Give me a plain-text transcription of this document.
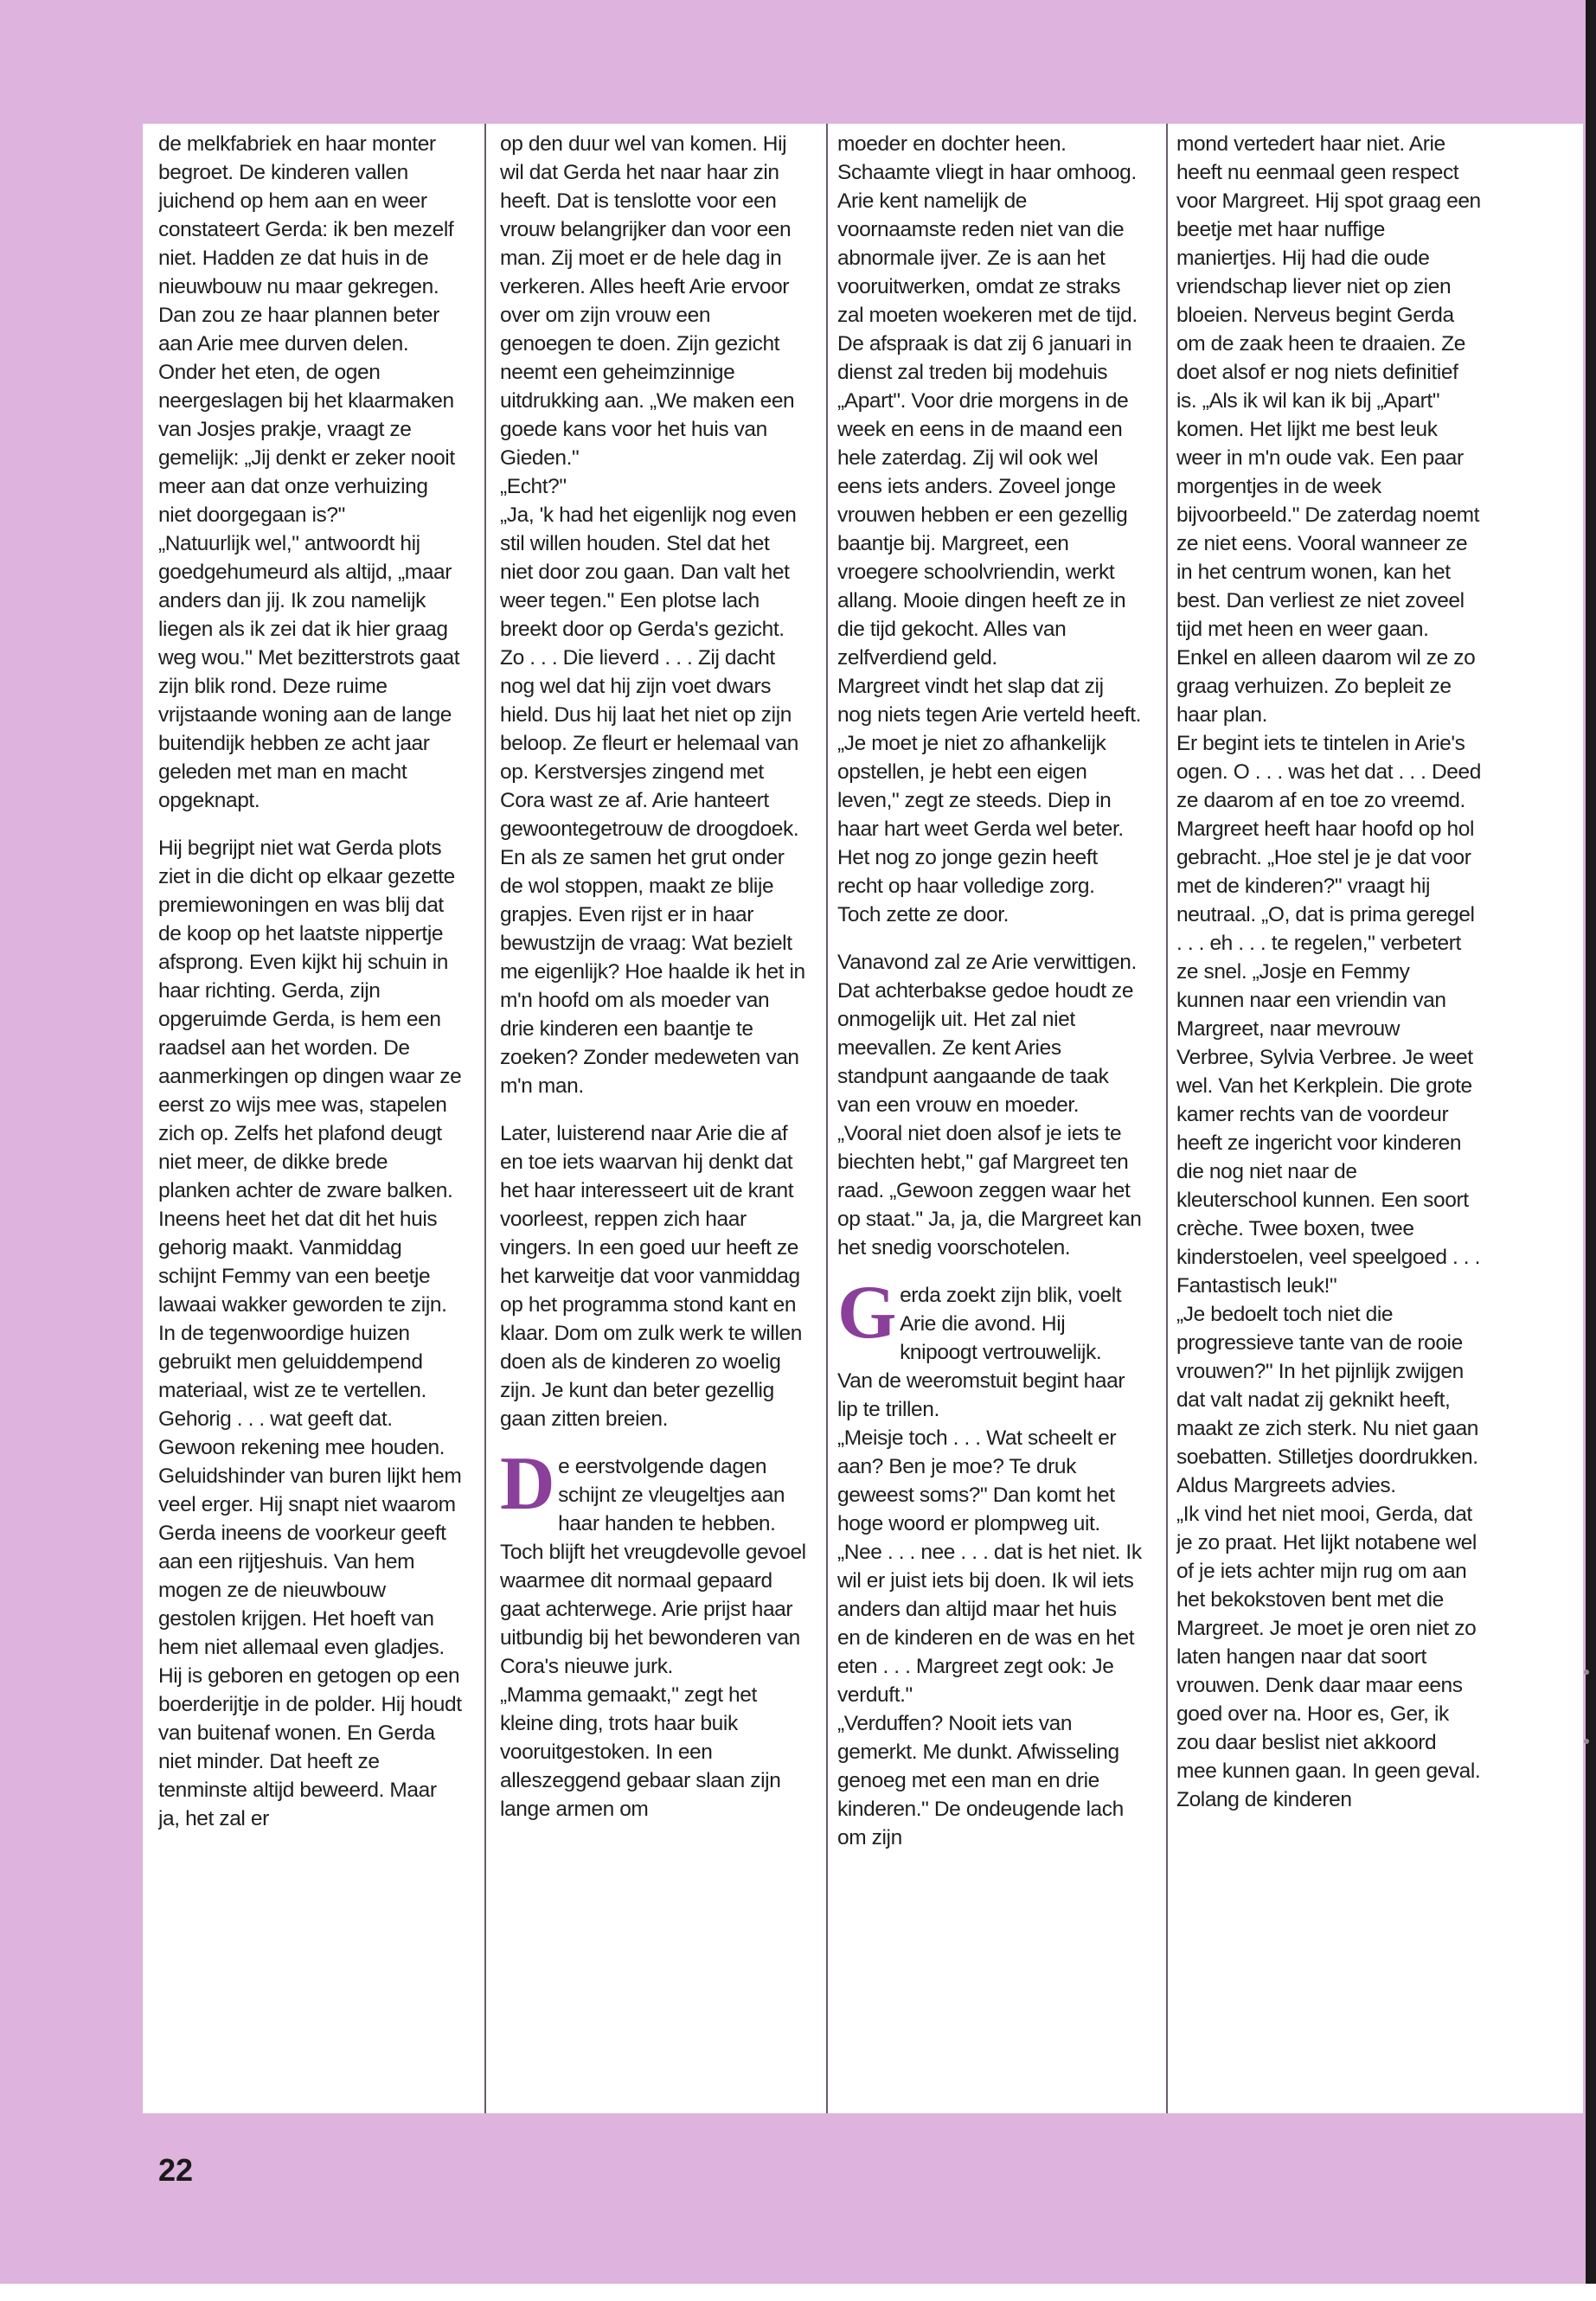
de melkfabriek en haar monter begroet. De kinderen vallen juichend op hem aan en weer constateert Gerda: ik ben mezelf niet. Hadden ze dat huis in de nieuwbouw nu maar gekregen. Dan zou ze haar plannen beter aan Arie mee durven delen.
Onder het eten, de ogen neergeslagen bij het klaarmaken van Josjes prakje, vraagt ze gemelijk: „Jij denkt er zeker nooit meer aan dat onze verhuizing niet doorgegaan is?"
„Natuurlijk wel," antwoordt hij goedgehumeurd als altijd, „maar anders dan jij. Ik zou namelijk liegen als ik zei dat ik hier graag weg wou." Met bezitterstrots gaat zijn blik rond. Deze ruime vrijstaande woning aan de lange buitendijk hebben ze acht jaar geleden met man en macht opgeknapt.

Hij begrijpt niet wat Gerda plots ziet in die dicht op elkaar gezette premiewoningen en was blij dat de koop op het laatste nippertje afsprong. Even kijkt hij schuin in haar richting. Gerda, zijn opgeruimde Gerda, is hem een raadsel aan het worden. De aanmerkingen op dingen waar ze eerst zo wijs mee was, stapelen zich op. Zelfs het plafond deugt niet meer, de dikke brede planken achter de zware balken. Ineens heet het dat dit het huis gehorig maakt. Vanmiddag schijnt Femmy van een beetje lawaai wakker geworden te zijn. In de tegenwoordige huizen gebruikt men geluiddempend materiaal, wist ze te vertellen. Gehorig . . . wat geeft dat. Gewoon rekening mee houden. Geluidshinder van buren lijkt hem veel erger. Hij snapt niet waarom Gerda ineens de voorkeur geeft aan een rijtjeshuis. Van hem mogen ze de nieuwbouw gestolen krijgen. Het hoeft van hem niet allemaal even gladjes. Hij is geboren en getogen op een boerderijtje in de polder. Hij houdt van buitenaf wonen. En Gerda niet minder. Dat heeft ze tenminste altijd beweerd. Maar ja, het zal er

op den duur wel van komen. Hij wil dat Gerda het naar haar zin heeft. Dat is tenslotte voor een vrouw belangrijker dan voor een man. Zij moet er de hele dag in verkeren. Alles heeft Arie ervoor over om zijn vrouw een genoegen te doen. Zijn gezicht neemt een geheimzinnige uitdrukking aan. „We maken een goede kans voor het huis van Gieden."
„Echt?"
„Ja, 'k had het eigenlijk nog even stil willen houden. Stel dat het niet door zou gaan. Dan valt het weer tegen." Een plotse lach breekt door op Gerda's gezicht. Zo . . . Die lieverd . . . Zij dacht nog wel dat hij zijn voet dwars hield. Dus hij laat het niet op zijn beloop. Ze fleurt er helemaal van op. Kerstversjes zingend met Cora wast ze af. Arie hanteert gewoontegetrouw de droogdoek. En als ze samen het grut onder de wol stoppen, maakt ze blije grapjes. Even rijst er in haar bewustzijn de vraag: Wat bezielt me eigenlijk? Hoe haalde ik het in m'n hoofd om als moeder van drie kinderen een baantje te zoeken? Zonder medeweten van m'n man.

Later, luisterend naar Arie die af en toe iets waarvan hij denkt dat het haar interesseert uit de krant voorleest, reppen zich haar vingers. In een goed uur heeft ze het karweitje dat voor vanmiddag op het programma stond kant en klaar. Dom om zulk werk te willen doen als de kinderen zo woelig zijn. Je kunt dan beter gezellig gaan zitten breien.

De eerstvolgende dagen schijnt ze vleugeltjes aan haar handen te hebben. Toch blijft het vreugdevolle gevoel waarmee dit normaal gepaard gaat achterwege. Arie prijst haar uitbundig bij het bewonderen van Cora's nieuwe jurk.
„Mamma gemaakt," zegt het kleine ding, trots haar buik vooruitgestoken. In een alleszeggend gebaar slaan zijn lange armen om

moeder en dochter heen. Schaamte vliegt in haar omhoog. Arie kent namelijk de voornaamste reden niet van die abnormale ijver. Ze is aan het vooruitwerken, omdat ze straks zal moeten woekeren met de tijd. De afspraak is dat zij 6 januari in dienst zal treden bij modehuis „Apart". Voor drie morgens in de week en eens in de maand een hele zaterdag. Zij wil ook wel eens iets anders. Zoveel jonge vrouwen hebben er een gezellig baantje bij. Margreet, een vroegere schoolvriendin, werkt allang. Mooie dingen heeft ze in die tijd gekocht. Alles van zelfverdiend geld.
Margreet vindt het slap dat zij nog niets tegen Arie verteld heeft. „Je moet je niet zo afhankelijk opstellen, je hebt een eigen leven," zegt ze steeds. Diep in haar hart weet Gerda wel beter. Het nog zo jonge gezin heeft recht op haar volledige zorg. Toch zette ze door.

Vanavond zal ze Arie verwittigen. Dat achterbakse gedoe houdt ze onmogelijk uit. Het zal niet meevallen. Ze kent Aries standpunt aangaande de taak van een vrouw en moeder.
„Vooral niet doen alsof je iets te biechten hebt," gaf Margreet ten raad. „Gewoon zeggen waar het op staat." Ja, ja, die Margreet kan het snedig voorschotelen.

Gerda zoekt zijn blik, voelt Arie die avond. Hij knipoogt vertrouwelijk. Van de weeromstuit begint haar lip te trillen.
„Meisje toch . . . Wat scheelt er aan? Ben je moe? Te druk geweest soms?" Dan komt het hoge woord er plompweg uit. „Nee . . . nee . . . dat is het niet. Ik wil er juist iets bij doen. Ik wil iets anders dan altijd maar het huis en de kinderen en de was en het eten . . . Margreet zegt ook: Je verduft."
„Verduffen? Nooit iets van gemerkt. Me dunkt. Afwisseling genoeg met een man en drie kinderen." De ondeugende lach om zijn

mond vertedert haar niet. Arie heeft nu eenmaal geen respect voor Margreet. Hij spot graag een beetje met haar nuffige maniertjes. Hij had die oude vriendschap liever niet op zien bloeien. Nerveus begint Gerda om de zaak heen te draaien. Ze doet alsof er nog niets definitief is. „Als ik wil kan ik bij „Apart" komen. Het lijkt me best leuk weer in m'n oude vak. Een paar morgentjes in de week bijvoorbeeld." De zaterdag noemt ze niet eens. Vooral wanneer ze in het centrum wonen, kan het best. Dan verliest ze niet zoveel tijd met heen en weer gaan. Enkel en alleen daarom wil ze zo graag verhuizen. Zo bepleit ze haar plan.
Er begint iets te tintelen in Arie's ogen. O . . . was het dat . . . Deed ze daarom af en toe zo vreemd. Margreet heeft haar hoofd op hol gebracht. „Hoe stel je je dat voor met de kinderen?" vraagt hij neutraal. „O, dat is prima geregel . . . eh . . . te regelen," verbetert ze snel. „Josje en Femmy kunnen naar een vriendin van Margreet, naar mevrouw Verbree, Sylvia Verbree. Je weet wel. Van het Kerkplein. Die grote kamer rechts van de voordeur heeft ze ingericht voor kinderen die nog niet naar de kleuterschool kunnen. Een soort crèche. Twee boxen, twee kinderstoelen, veel speelgoed . . . Fantastisch leuk!"
„Je bedoelt toch niet die progressieve tante van de rooie vrouwen?" In het pijnlijk zwijgen dat valt nadat zij geknikt heeft, maakt ze zich sterk. Nu niet gaan soebatten. Stilletjes doordrukken. Aldus Margreets advies.
„Ik vind het niet mooi, Gerda, dat je zo praat. Het lijkt notabene wel of je iets achter mijn rug om aan het bekokstoven bent met die Margreet. Je moet je oren niet zo laten hangen naar dat soort vrouwen. Denk daar maar eens goed over na. Hoor es, Ger, ik zou daar beslist niet akkoord mee kunnen gaan. In geen geval. Zolang de kinderen

22
